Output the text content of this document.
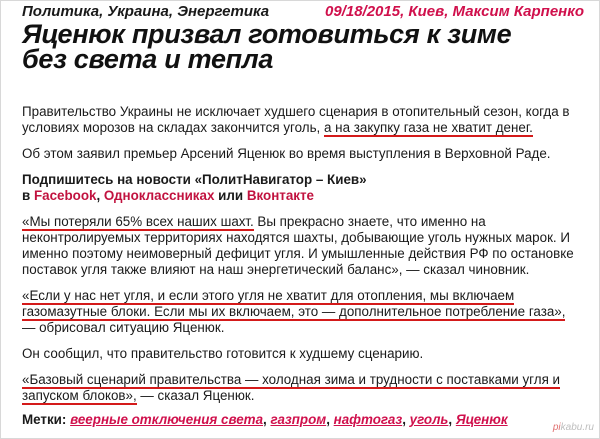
Политика, Украина, Энергетика	09/18/2015, Киев, Максим Карпенко
Яценюк призвал готовиться к зиме без света и тепла

Правительство Украины не исключает худшего сценария в отопительный сезон, когда в условиях морозов на складах закончится уголь, а на закупку газа не хватит денег.

Об этом заявил премьер Арсений Яценюк во время выступления в Верховной Раде.

Подпишитесь на новости «ПолитНавигатор – Киев»

в Facebook, Одноклассниках или Вконтакте

«Мы потеряли 65% всех наших шахт. Вы прекрасно знаете, что именно на неконтролируемых территориях находятся шахты, добывающие уголь нужных марок. И именно поэтому неимоверный дефицит угля. И умышленные действия РФ по остановке поставок угля также влияют на наш энергетический баланс», — сказал чиновник.

«Если у нас нет угля, и если этого угля не хватит для отопления, мы включаем газомазутные блоки. Если мы их включаем, это — дополнительное потребление газа», — обрисовал ситуацию Яценюк.

Он сообщил, что правительство готовится к худшему сценарию.

«Базовый сценарий правительства — холодная зима и трудности с поставками угля и запуском блоков», — сказал Яценюк.

Метки: веерные отключения света, газпром, нафтогаз, уголь, Яценюк
pikabu.ru
